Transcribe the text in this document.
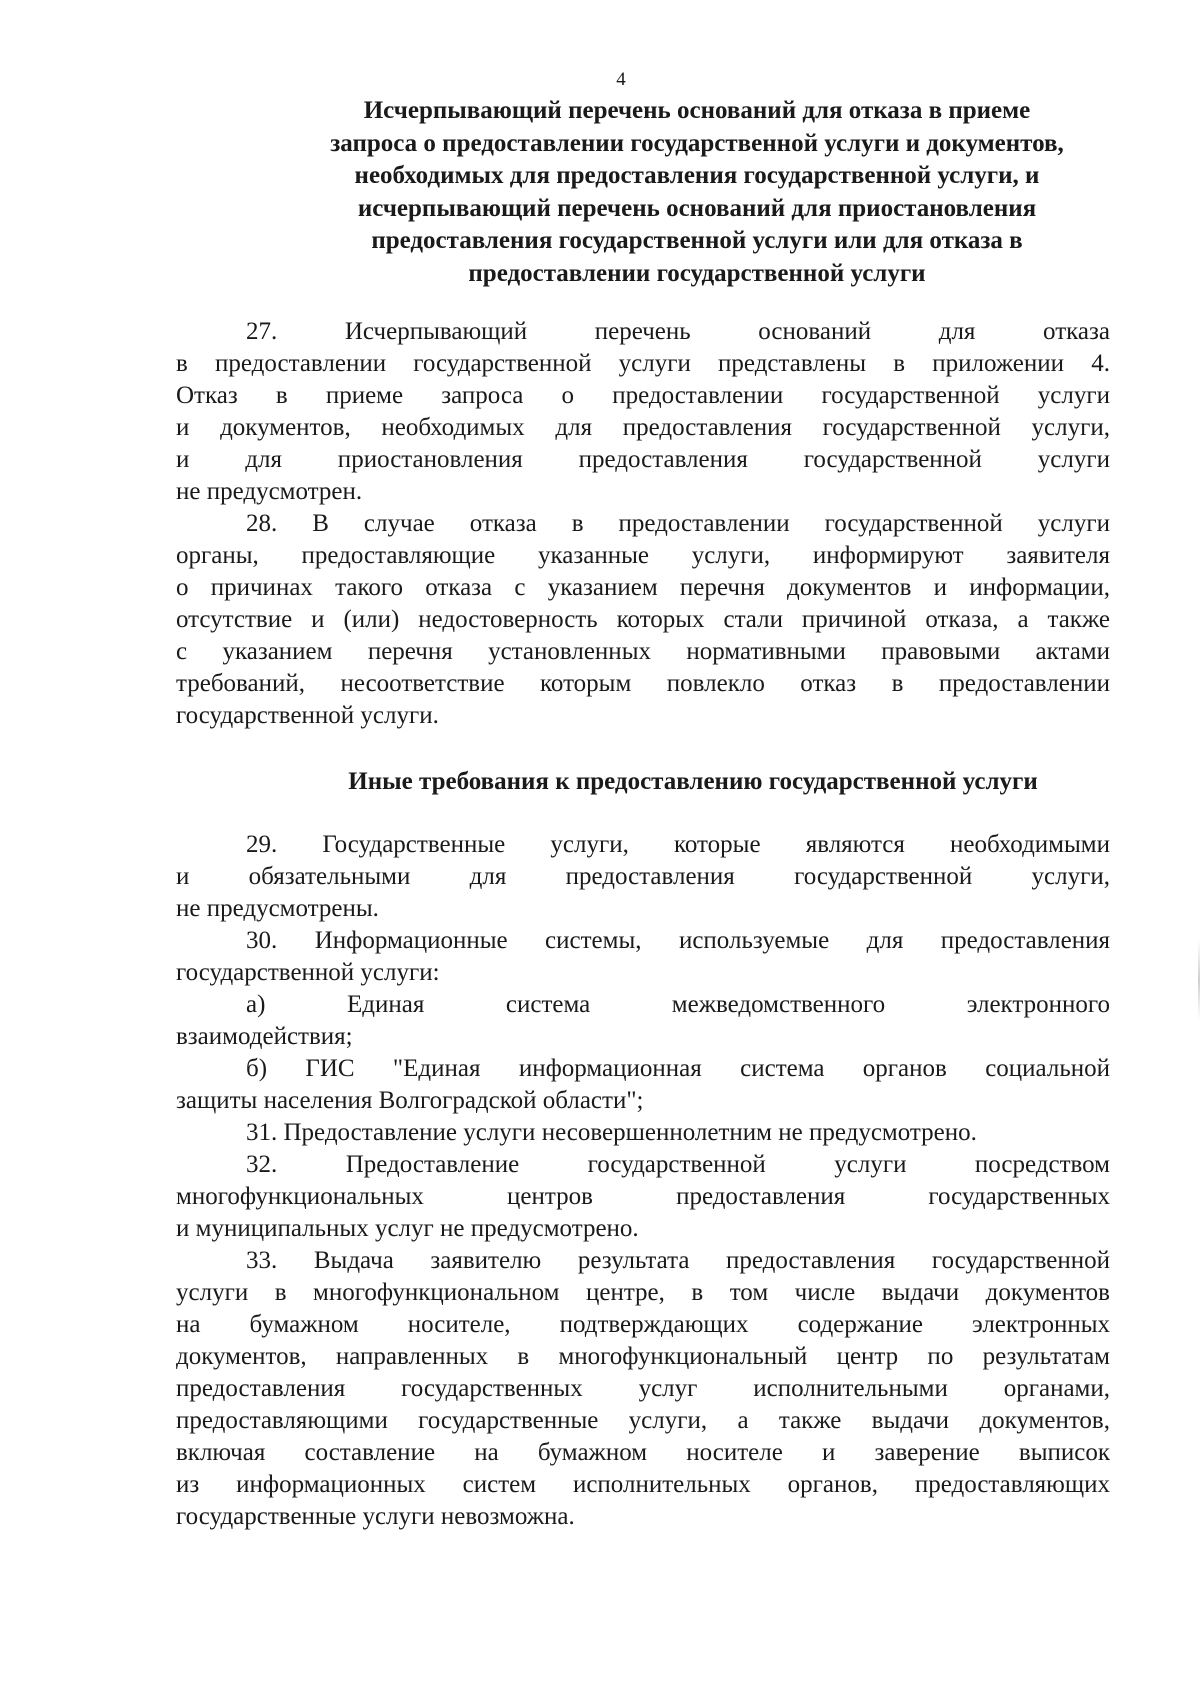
4
Исчерпывающий перечень оснований для отказа в приеме
запроса о предоставлении государственной услуги и документов,
необходимых для предоставления государственной услуги, и
исчерпывающий перечень оснований для приостановления
предоставления государственной услуги или для отказа в
предоставлении государственной услуги
27. Исчерпывающий перечень оснований для отказа
в предоставлении государственной услуги представлены в приложении 4.
Отказ в приеме запроса о предоставлении государственной услуги
и документов, необходимых для предоставления государственной услуги,
и для приостановления предоставления государственной услуги
не предусмотрен.
28. В случае отказа в предоставлении государственной услуги
органы, предоставляющие указанные услуги, информируют заявителя
о причинах такого отказа с указанием перечня документов и информации,
отсутствие и (или) недостоверность которых стали причиной отказа, а также
с указанием перечня установленных нормативными правовыми актами
требований, несоответствие которым повлекло отказ в предоставлении
государственной услуги.
Иные требования к предоставлению государственной услуги
29. Государственные услуги, которые являются необходимыми
и обязательными для предоставления государственной услуги,
не предусмотрены.
30. Информационные системы, используемые для предоставления
государственной услуги:
а) Единая система межведомственного электронного
взаимодействия;
б) ГИС "Единая информационная система органов социальной
защиты населения Волгоградской области";
31. Предоставление услуги несовершеннолетним не предусмотрено.
32. Предоставление государственной услуги посредством
многофункциональных центров предоставления государственных
и муниципальных услуг не предусмотрено.
33. Выдача заявителю результата предоставления государственной
услуги в многофункциональном центре, в том числе выдачи документов
на бумажном носителе, подтверждающих содержание электронных
документов, направленных в многофункциональный центр по результатам
предоставления государственных услуг исполнительными органами,
предоставляющими государственные услуги, а также выдачи документов,
включая составление на бумажном носителе и заверение выписок
из информационных систем исполнительных органов, предоставляющих
государственные услуги невозможна.
